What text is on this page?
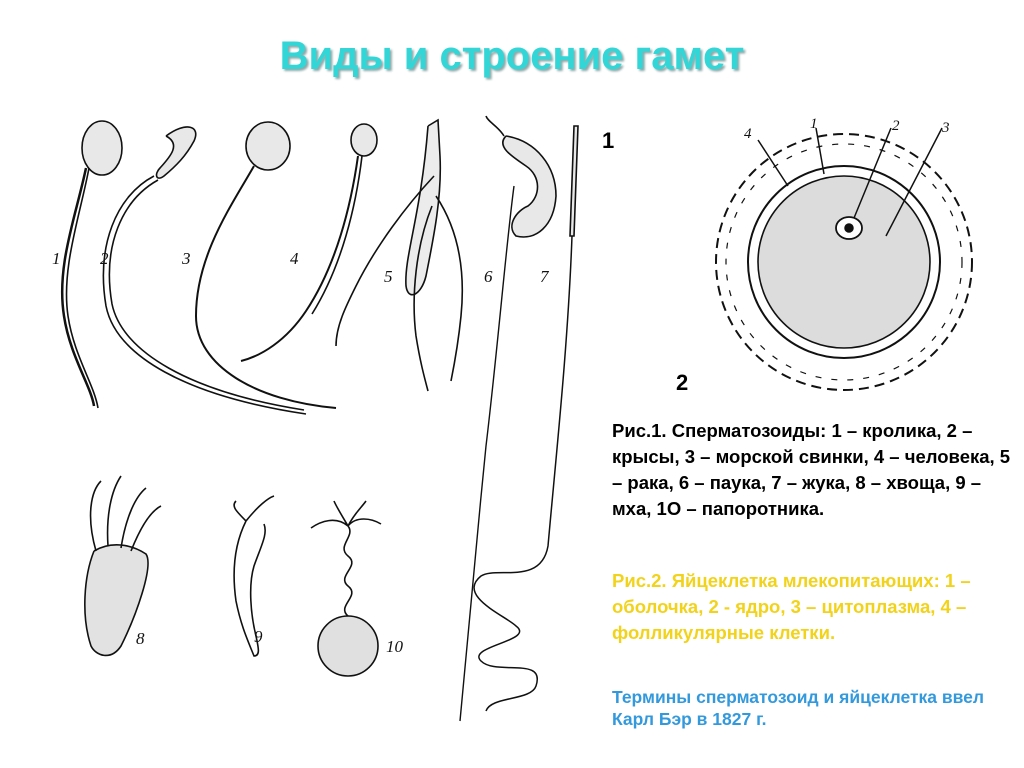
Виды и строение гамет
1 2	3	4
5	6	7
8	9
10
1
2
4
1	2	3
Рис.1. Сперматозоиды: 1 – кролика, 2 – крысы, 3 – морской свинки, 4 – человека, 5 – рака, 6 – паука, 7 – жука, 8 – хвоща, 9 – мха, 1О – папоротника.
Рис.2. Яйцеклетка млекопитающих: 1 – оболочка, 2 - ядро, 3 – цитоплазма, 4 – фолликулярные клетки.
Термины сперматозоид и яйцеклетка ввел Карл Бэр в 1827 г.
